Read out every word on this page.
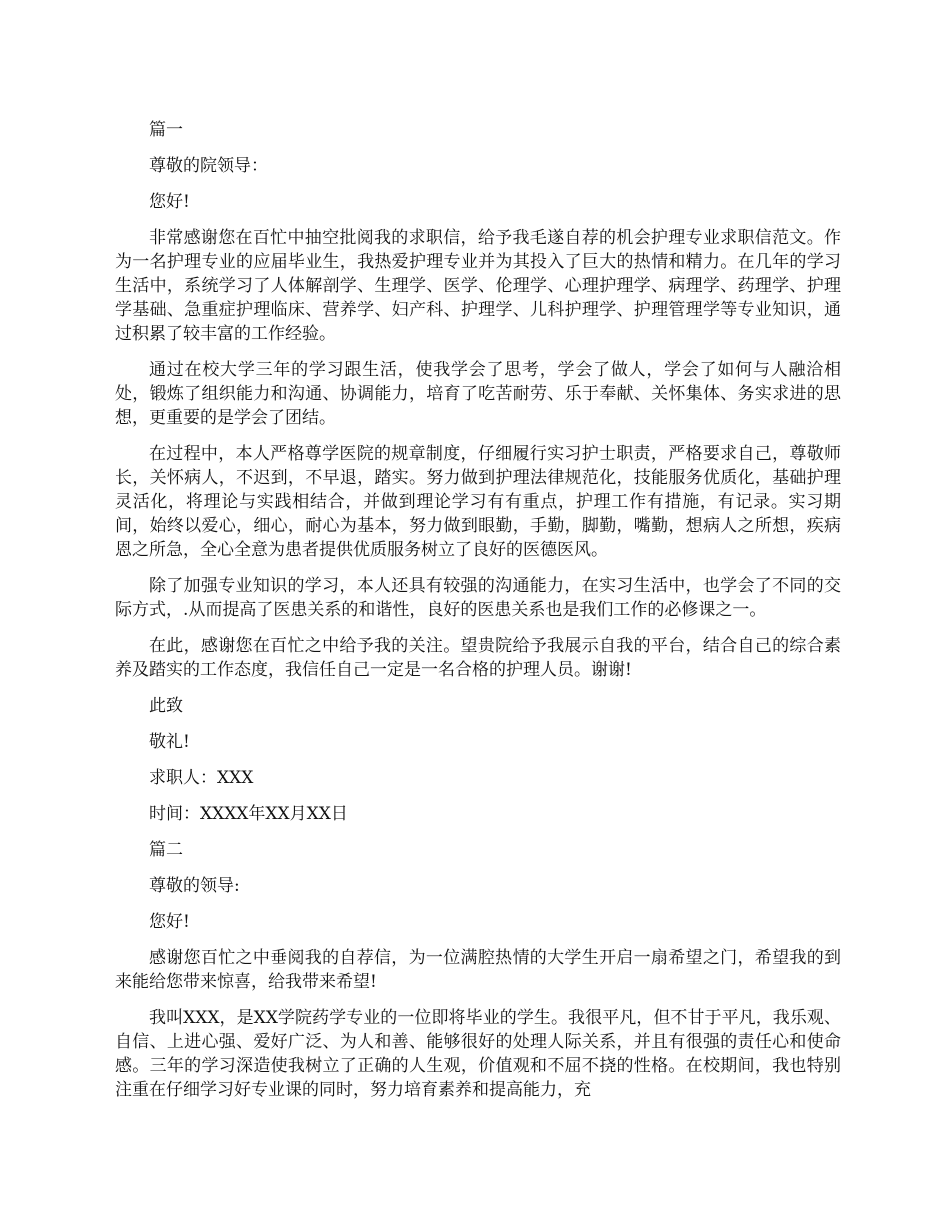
篇一

尊敬的院领导：

您好!

非常感谢您在百忙中抽空批阅我的求职信，给予我毛遂自荐的机会护理专业求职信范文。作为一名护理专业的应届毕业生，我热爱护理专业并为其投入了巨大的热情和精力。在几年的学习生活中，系统学习了人体解剖学、生理学、医学、伦理学、心理护理学、病理学、药理学、护理学基础、急重症护理临床、营养学、妇产科、护理学、儿科护理学、护理管理学等专业知识，通过积累了较丰富的工作经验。

通过在校大学三年的学习跟生活，使我学会了思考，学会了做人，学会了如何与人融洽相处，锻炼了组织能力和沟通、协调能力，培育了吃苦耐劳、乐于奉献、关怀集体、务实求进的思想，更重要的是学会了团结。

在过程中，本人严格尊学医院的规章制度，仔细履行实习护士职责，严格要求自己，尊敬师长，关怀病人，不迟到，不早退，踏实。努力做到护理法律规范化，技能服务优质化，基础护理灵活化，将理论与实践相结合，并做到理论学习有有重点，护理工作有措施，有记录。实习期间，始终以爱心，细心，耐心为基本，努力做到眼勤，手勤，脚勤，嘴勤，想病人之所想，疾病恩之所急，全心全意为患者提供优质服务树立了良好的医德医风。

除了加强专业知识的学习，本人还具有较强的沟通能力，在实习生活中，也学会了不同的交际方式，.从而提高了医患关系的和谐性，良好的医患关系也是我们工作的必修课之一。

在此，感谢您在百忙之中给予我的关注。望贵院给予我展示自我的平台，结合自己的综合素养及踏实的工作态度，我信任自己一定是一名合格的护理人员。谢谢!

此致

敬礼!

求职人：XXX

时间：XXXX年XX月XX日

篇二

尊敬的领导:

您好!

感谢您百忙之中垂阅我的自荐信，为一位满腔热情的大学生开启一扇希望之门，希望我的到来能给您带来惊喜，给我带来希望!

我叫XXX，是XX学院药学专业的一位即将毕业的学生。我很平凡，但不甘于平凡，我乐观、自信、上进心强、爱好广泛、为人和善、能够很好的处理人际关系，并且有很强的责任心和使命感。三年的学习深造使我树立了正确的人生观，价值观和不屈不挠的性格。在校期间，我也特别注重在仔细学习好专业课的同时，努力培育素养和提高能力，充
